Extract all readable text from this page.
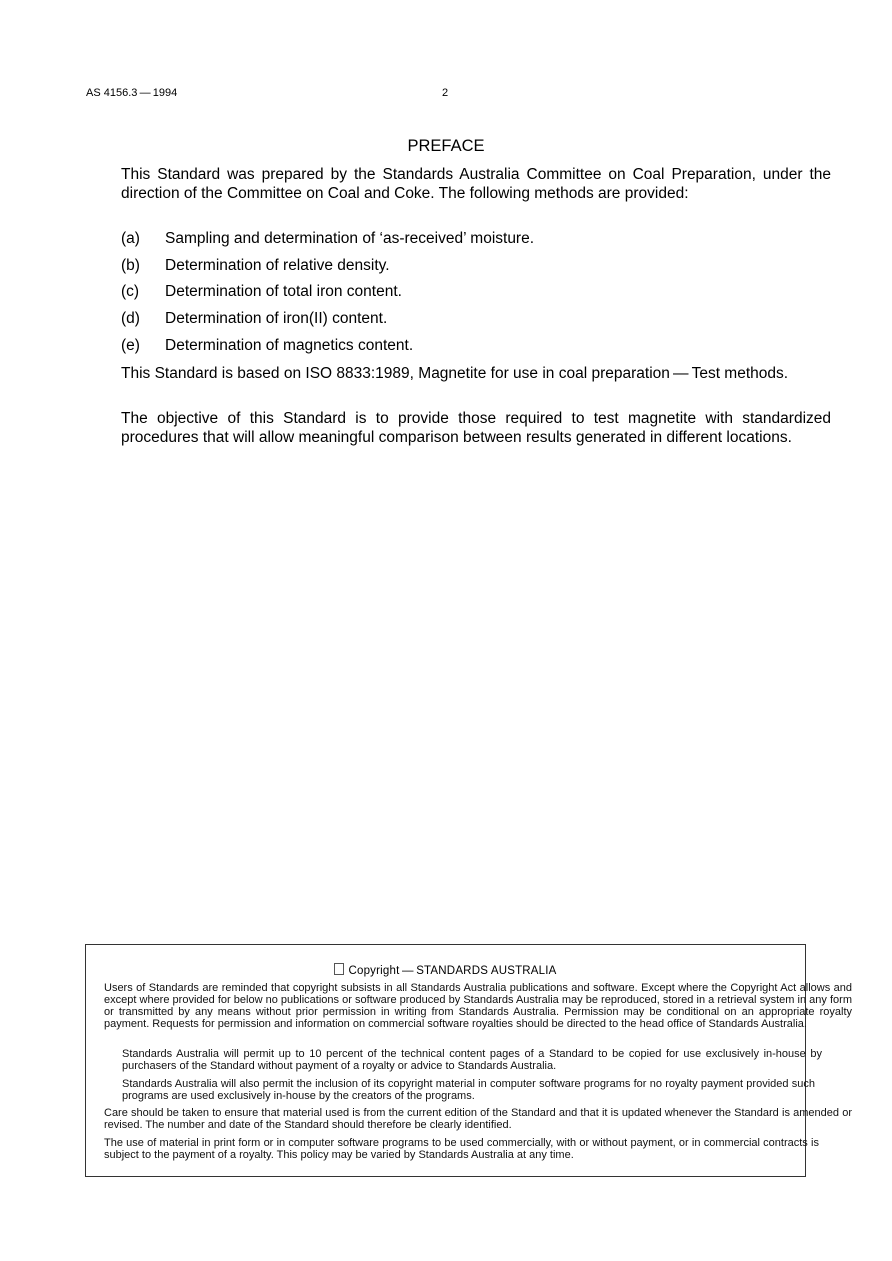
AS 4156.3 — 1994	2
PREFACE
This Standard was prepared by the Standards Australia Committee on Coal Preparation, under the direction of the Committee on Coal and Coke. The following methods are provided:
(a) Sampling and determination of ‘as-received’ moisture.
(b) Determination of relative density.
(c) Determination of total iron content.
(d) Determination of iron(II) content.
(e) Determination of magnetics content.
This Standard is based on ISO 8833:1989, Magnetite for use in coal preparation — Test methods.
The objective of this Standard is to provide those required to test magnetite with standardized procedures that will allow meaningful comparison between results generated in different locations.
Copyright — STANDARDS AUSTRALIA
Users of Standards are reminded that copyright subsists in all Standards Australia publications and software. Except where the Copyright Act allows and except where provided for below no publications or software produced by Standards Australia may be reproduced, stored in a retrieval system in any form or transmitted by any means without prior permission in writing from Standards Australia. Permission may be conditional on an appropriate royalty payment. Requests for permission and information on commercial software royalties should be directed to the head office of Standards Australia.
Standards Australia will permit up to 10 percent of the technical content pages of a Standard to be copied for use exclusively in-house by purchasers of the Standard without payment of a royalty or advice to Standards Australia.
Standards Australia will also permit the inclusion of its copyright material in computer software programs for no royalty payment provided such programs are used exclusively in-house by the creators of the programs.
Care should be taken to ensure that material used is from the current edition of the Standard and that it is updated whenever the Standard is amended or revised. The number and date of the Standard should therefore be clearly identified.
The use of material in print form or in computer software programs to be used commercially, with or without payment, or in commercial contracts is subject to the payment of a royalty. This policy may be varied by Standards Australia at any time.
